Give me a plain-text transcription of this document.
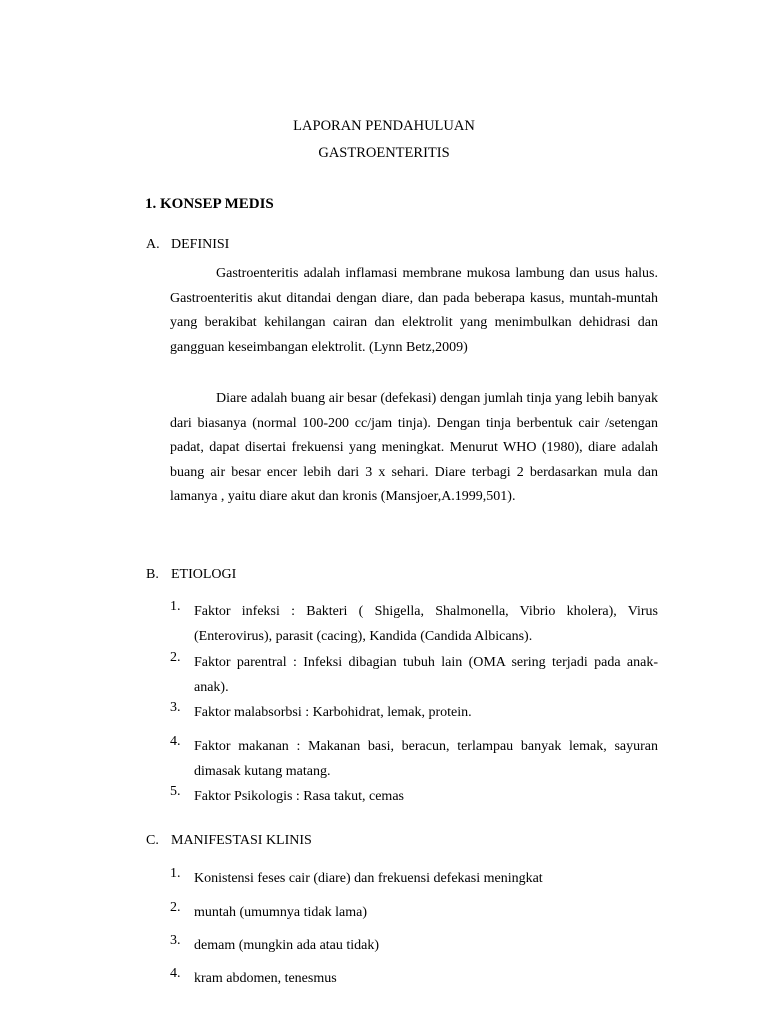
LAPORAN PENDAHULUAN
GASTROENTERITIS
1. KONSEP MEDIS
A. DEFINISI
Gastroenteritis adalah inflamasi membrane mukosa lambung dan usus halus. Gastroenteritis akut ditandai dengan diare, dan pada beberapa kasus, muntah-muntah yang berakibat kehilangan cairan dan elektrolit yang menimbulkan dehidrasi dan gangguan keseimbangan elektrolit. (Lynn Betz,2009)
Diare adalah buang air besar (defekasi) dengan jumlah tinja yang lebih banyak dari biasanya (normal 100-200 cc/jam tinja). Dengan tinja berbentuk cair /setengan padat, dapat disertai frekuensi yang meningkat. Menurut WHO (1980), diare adalah buang air besar encer lebih dari 3 x sehari. Diare terbagi 2 berdasarkan mula dan lamanya , yaitu diare akut dan kronis (Mansjoer,A.1999,501).
B. ETIOLOGI
1. Faktor infeksi : Bakteri ( Shigella, Shalmonella, Vibrio kholera), Virus (Enterovirus), parasit (cacing), Kandida (Candida Albicans).
2. Faktor parentral : Infeksi dibagian tubuh lain (OMA sering terjadi pada anak-anak).
3. Faktor malabsorbsi : Karbohidrat, lemak, protein.
4. Faktor makanan : Makanan basi, beracun, terlampau banyak lemak, sayuran dimasak kutang matang.
5. Faktor Psikologis : Rasa takut, cemas
C. MANIFESTASI KLINIS
1. Konistensi feses cair (diare) dan frekuensi defekasi meningkat
2. muntah (umumnya tidak lama)
3. demam (mungkin ada atau tidak)
4. kram abdomen, tenesmus
